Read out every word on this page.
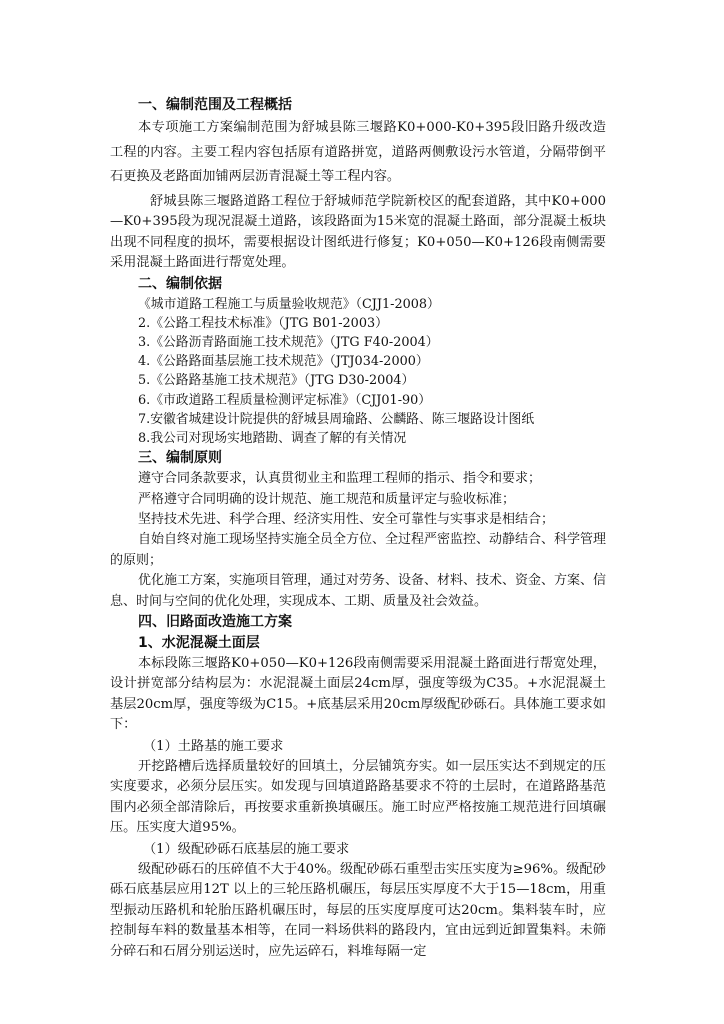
一、编制范围及工程概括

本专项施工方案编制范围为舒城县陈三堰路K0+000-K0+395段旧路升级改造工程的内容。主要工程内容包括原有道路拼宽，道路两侧敷设污水管道，分隔带倒平石更换及老路面加铺两层沥青混凝土等工程内容。

舒城县陈三堰路道路工程位于舒城师范学院新校区的配套道路，其中K0+000—K0+395段为现况混凝土道路，该段路面为15米宽的混凝土路面，部分混凝土板块出现不同程度的损坏，需要根据设计图纸进行修复；K0+050—K0+126段南侧需要采用混凝土路面进行帮宽处理。

二、编制依据
《城市道路工程施工与质量验收规范》（CJJ1-2008）
2.《公路工程技术标准》（JTG B01-2003）
3.《公路沥青路面施工技术规范》（JTG F40-2004）
4.《公路路面基层施工技术规范》（JTJ034-2000）
5.《公路路基施工技术规范》（JTG D30-2004）
6.《市政道路工程质量检测评定标准》（CJJ01-90）
7.安徽省城建设计院提供的舒城县周瑜路、公麟路、陈三堰路设计图纸
8.我公司对现场实地踏勘、调查了解的有关情况
三、编制原则

遵守合同条款要求，认真贯彻业主和监理工程师的指示、指令和要求；

严格遵守合同明确的设计规范、施工规范和质量评定与验收标准；

坚持技术先进、科学合理、经济实用性、安全可靠性与实事求是相结合；

自始自终对施工现场坚持实施全员全方位、全过程严密监控、动静结合、科学管理的原则；

优化施工方案，实施项目管理，通过对劳务、设备、材料、技术、资金、方案、信息、时间与空间的优化处理，实现成本、工期、质量及社会效益。

四、旧路面改造施工方案
1、水泥混凝土面层

本标段陈三堰路K0+050—K0+126段南侧需要采用混凝土路面进行帮宽处理，设计拼宽部分结构层为：水泥混凝土面层24cm厚，强度等级为C35。+水泥混凝土基层20cm厚，强度等级为C15。+底基层采用20cm厚级配砂砾石。具体施工要求如下：

（1）土路基的施工要求

开挖路槽后选择质量较好的回填土，分层铺筑夯实。如一层压实达不到规定的压实度要求，必须分层压实。如发现与回填道路路基要求不符的土层时，在道路路基范围内必须全部清除后，再按要求重新换填碾压。施工时应严格按施工规范进行回填碾压。压实度大道95%。

（1）级配砂砾石底基层的施工要求

级配砂砾石的压碎值不大于40%。级配砂砾石重型击实压实度为≥96%。级配砂砾石底基层应用12T 以上的三轮压路机碾压，每层压实厚度不大于15—18cm，用重型振动压路机和轮胎压路机碾压时，每层的压实度厚度可达20cm。集料装车时，应控制每车料的数量基本相等，在同一料场供料的路段内，宜由远到近卸置集料。未筛分碎石和石屑分别运送时，应先运碎石，料堆每隔一定
